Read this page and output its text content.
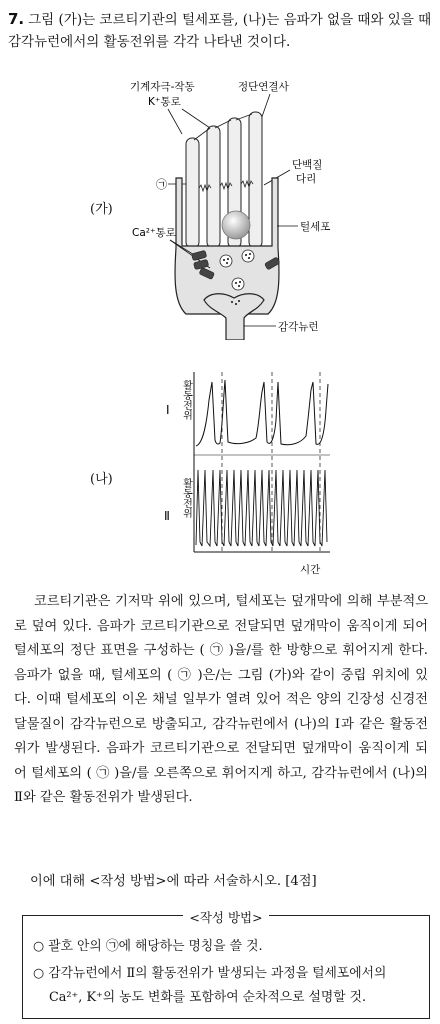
7. 그림 (가)는 코르티기관의 털세포를, (나)는 음파가 없을 때와 있을 때 감각뉴런에서의 활동전위를 각각 나타낸 것이다.
(가)
기계자극-작동
K⁺통로
정단연결사
단백질
다리
㉠
털세포
Ca²⁺통로
감각뉴런
(나)
활동전위
활동전위
Ⅰ
Ⅱ
시간
코르티기관은 기저막 위에 있으며, 털세포는 덮개막에 의해 부분적으로 덮여 있다. 음파가 코르티기관으로 전달되면 덮개막이 움직이게 되어 털세포의 정단 표면을 구성하는 ( ㉠ )을/를 한 방향으로 휘어지게 한다. 음파가 없을 때, 털세포의 ( ㉠ )은/는 그림 (가)와 같이 중립 위치에 있다. 이때 털세포의 이온 채널 일부가 열려 있어 적은 양의 긴장성 신경전달물질이 감각뉴런으로 방출되고, 감각뉴런에서 (나)의 Ⅰ과 같은 활동전위가 발생된다. 음파가 코르티기관으로 전달되면 덮개막이 움직이게 되어 털세포의 ( ㉠ )을/를 오른쪽으로 휘어지게 하고, 감각뉴런에서 (나)의 Ⅱ와 같은 활동전위가 발생된다.
이에 대해 <작성 방법>에 따라 서술하시오. [4점]
<작성 방법>
○ 괄호 안의 ㉠에 해당하는 명칭을 쓸 것.
○ 감각뉴런에서 Ⅱ의 활동전위가 발생되는 과정을 털세포에서의
Ca²⁺, K⁺의 농도 변화를 포함하여 순차적으로 설명할 것.
